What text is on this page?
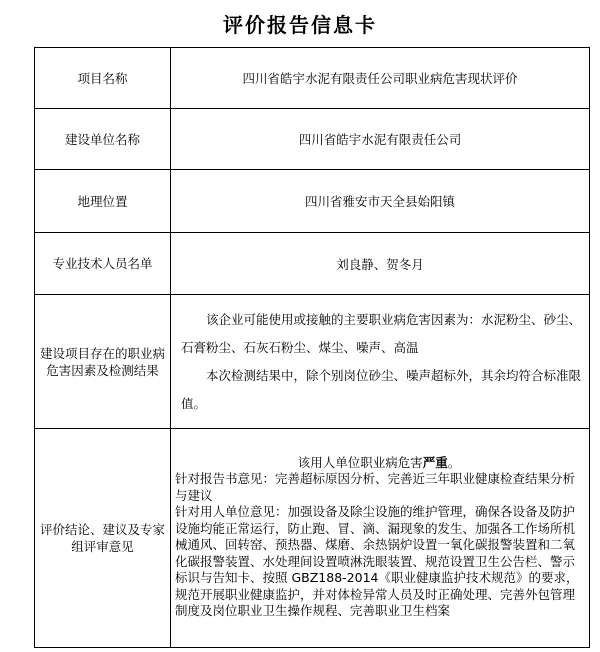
评价报告信息卡
项目名称	四川省皓宇水泥有限责任公司职业病危害现状评价
建设单位名称	四川省皓宇水泥有限责任公司
地理位置	四川省雅安市天全县始阳镇
专业技术人员名单	刘良静、贺冬月
建设项目存在的职业病危害因素及检测结果	该企业可能使用或接触的主要职业病危害因素为：水泥粉尘、砂尘、石膏粉尘、石灰石粉尘、煤尘、噪声、高温

本次检测结果中，除个别岗位砂尘、噪声超标外，其余均符合标准限值。

评价结论、建议及专家组评审意见	该用人单位职业病危害严重。

针对报告书意见：完善超标原因分析、完善近三年职业健康检查结果分析与建议

针对用人单位意见：加强设备及除尘设施的维护管理，确保各设备及防护设施均能正常运行，防止跑、冒、滴、漏现象的发生、加强各工作场所机械通风、回转窑、预热器、煤磨、余热锅炉设置一氧化碳报警装置和二氧化碳报警装置、水处理间设置喷淋洗眼装置、规范设置卫生公告栏、警示标识与告知卡、按照 GBZ188-2014《职业健康监护技术规范》的要求，规范开展职业健康监护，并对体检异常人员及时正确处理、完善外包管理制度及岗位职业卫生操作规程、完善职业卫生档案
